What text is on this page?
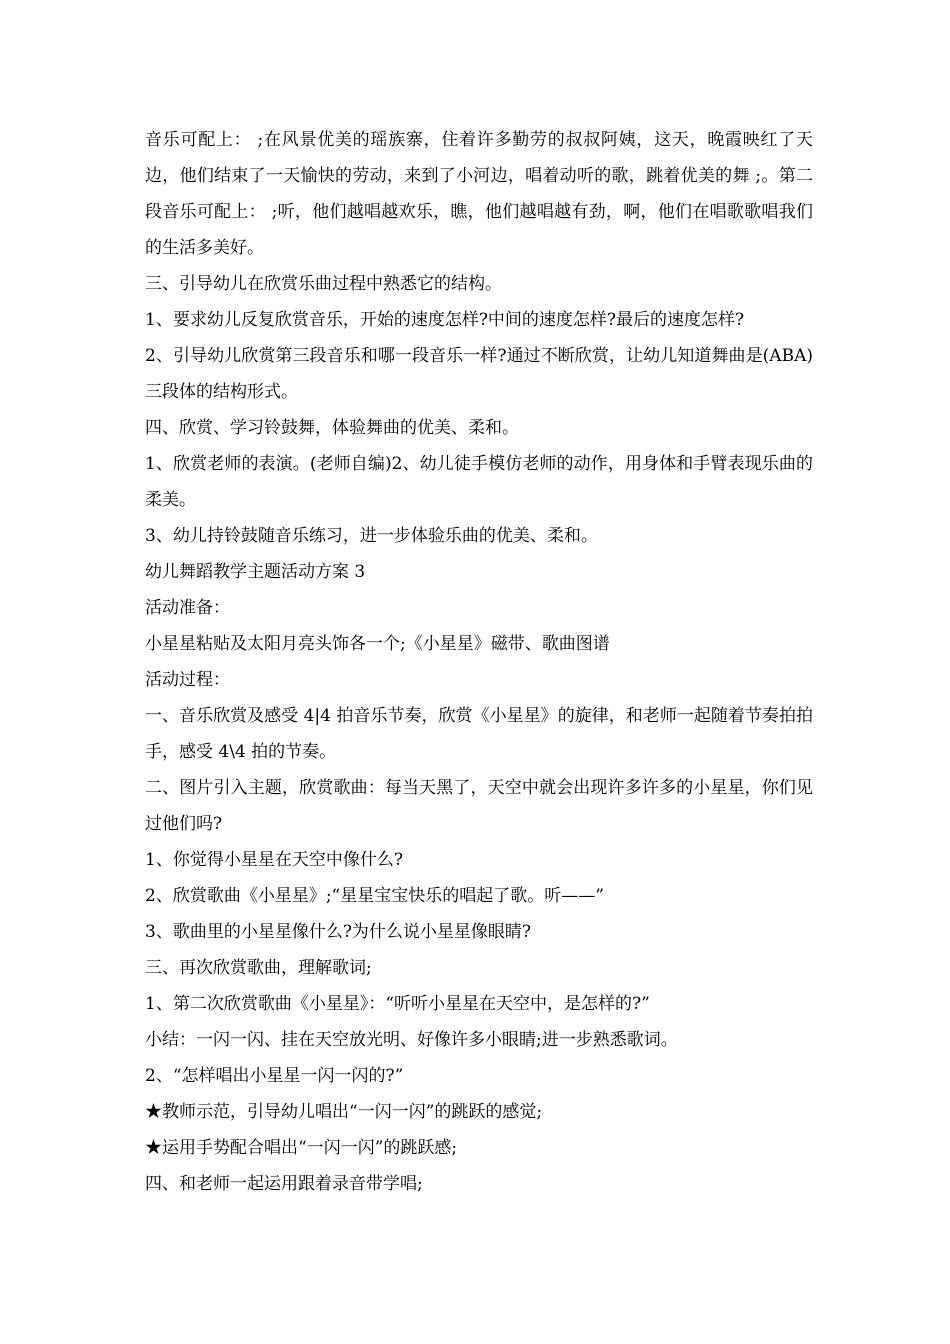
音乐可配上： ;在风景优美的瑶族寨，住着许多勤劳的叔叔阿姨，这天，晚霞映红了天边，他们结束了一天愉快的劳动，来到了小河边，唱着动听的歌，跳着优美的舞 ;。第二段音乐可配上： ;听，他们越唱越欢乐，瞧，他们越唱越有劲，啊，他们在唱歌歌唱我们的生活多美好。

三、引导幼儿在欣赏乐曲过程中熟悉它的结构。

1、要求幼儿反复欣赏音乐，开始的速度怎样?中间的速度怎样?最后的速度怎样?

2、引导幼儿欣赏第三段音乐和哪一段音乐一样?通过不断欣赏，让幼儿知道舞曲是(ABA)三段体的结构形式。

四、欣赏、学习铃鼓舞，体验舞曲的优美、柔和。

1、欣赏老师的表演。(老师自编)2、幼儿徒手模仿老师的动作，用身体和手臂表现乐曲的柔美。

3、幼儿持铃鼓随音乐练习，进一步体验乐曲的优美、柔和。

幼儿舞蹈教学主题活动方案 3

活动准备：

小星星粘贴及太阳月亮头饰各一个;《小星星》磁带、歌曲图谱

活动过程：

一、音乐欣赏及感受 4|4 拍音乐节奏，欣赏《小星星》的旋律，和老师一起随着节奏拍拍手，感受 4\4 拍的节奏。

二、图片引入主题，欣赏歌曲：每当天黑了，天空中就会出现许多许多的小星星，你们见过他们吗?

1、你觉得小星星在天空中像什么?

2、欣赏歌曲《小星星》;“星星宝宝快乐的唱起了歌。听——”

3、歌曲里的小星星像什么?为什么说小星星像眼睛?

三、再次欣赏歌曲，理解歌词;

1、第二次欣赏歌曲《小星星》：“听听小星星在天空中，是怎样的?”

小结：一闪一闪、挂在天空放光明、好像许多小眼睛;进一步熟悉歌词。

2、“怎样唱出小星星一闪一闪的?”

★教师示范，引导幼儿唱出“一闪一闪”的跳跃的感觉;

★运用手势配合唱出“一闪一闪”的跳跃感;

四、和老师一起运用跟着录音带学唱;
